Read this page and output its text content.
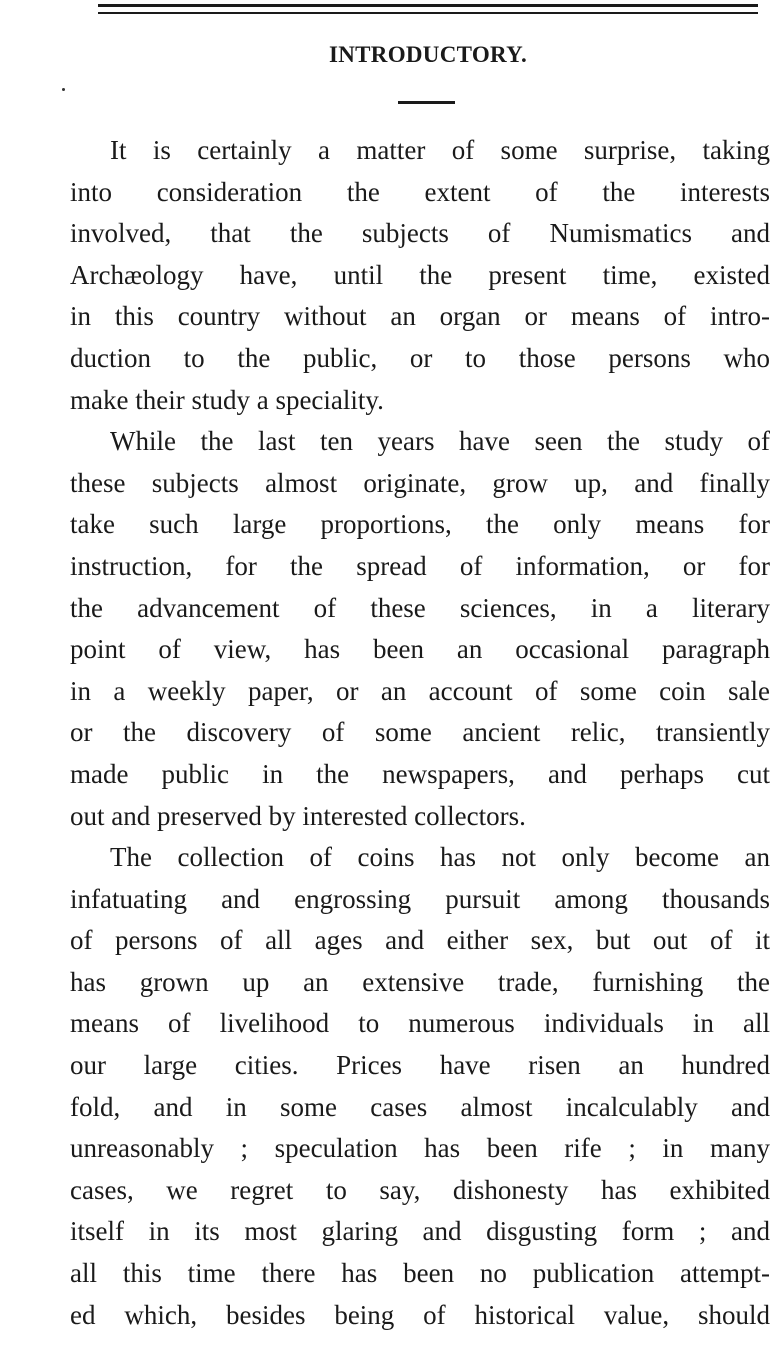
INTRODUCTORY.

It is certainly a matter of some surprise, taking
into consideration the extent of the interests
involved, that the subjects of Numismatics and
Archæology have, until the present time, existed
in this country without an organ or means of intro-
duction to the public, or to those persons who
make their study a speciality.

While the last ten years have seen the study of
these subjects almost originate, grow up, and finally
take such large proportions, the only means for
instruction, for the spread of information, or for
the advancement of these sciences, in a literary
point of view, has been an occasional paragraph
in a weekly paper, or an account of some coin sale
or the discovery of some ancient relic, transiently
made public in the newspapers, and perhaps cut
out and preserved by interested collectors.

The collection of coins has not only become an
infatuating and engrossing pursuit among thousands
of persons of all ages and either sex, but out of it
has grown up an extensive trade, furnishing the
means of livelihood to numerous individuals in all
our large cities. Prices have risen an hundred
fold, and in some cases almost incalculably and
unreasonably ; speculation has been rife ; in many
cases, we regret to say, dishonesty has exhibited
itself in its most glaring and disgusting form ; and
all this time there has been no publication attempt-
ed which, besides being of historical value, should
